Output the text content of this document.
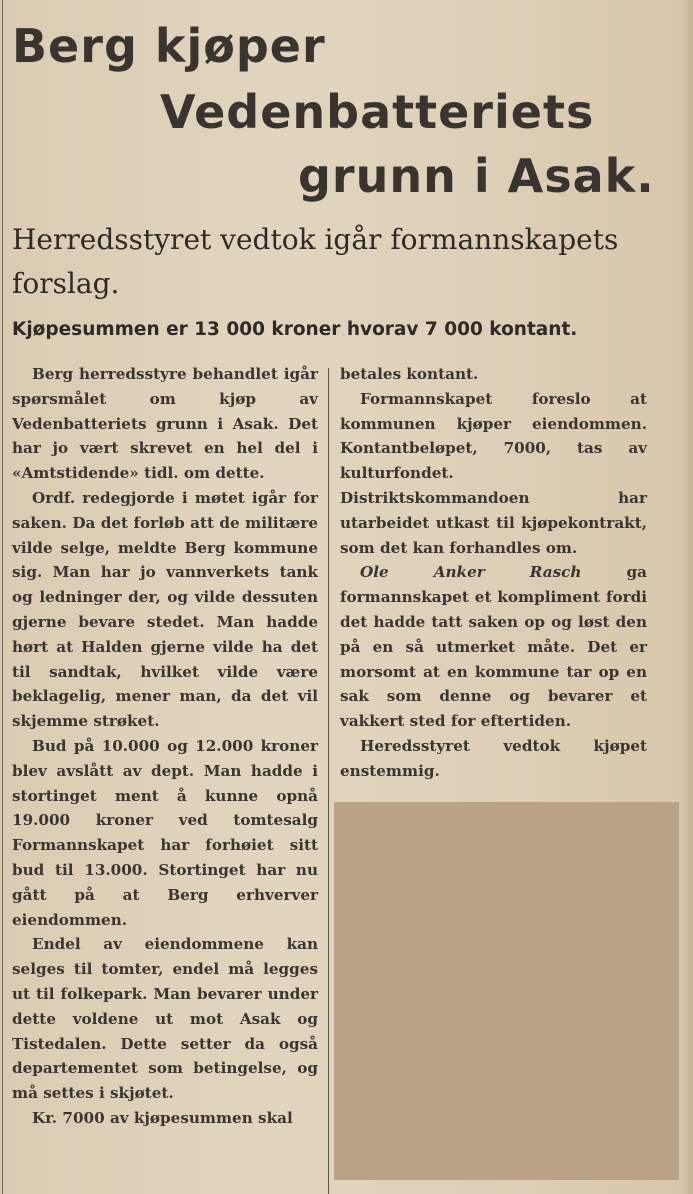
Berg kjøper
Vedenbatteriets
grunn i Asak.
Herredsstyret vedtok igår formannskapets forslag.
Kjøpesummen er 13 000 kroner hvorav 7 000 kontant.

Berg herredsstyre behandlet igår spørsmålet om kjøp av Vedenbatteriets grunn i Asak. Det har jo vært skrevet en hel del i «Amtstidende» tidl. om dette.

Ordf. redegjorde i møtet igår for saken. Da det forløb att de militære vilde selge, meldte Berg kommune sig. Man har jo vannverkets tank og ledninger der, og vilde dessuten gjerne bevare stedet. Man hadde hørt at Halden gjerne vilde ha det til sandtak, hvilket vilde være beklagelig, mener man, da det vil skjemme strøket.

Bud på 10.000 og 12.000 kroner blev avslått av dept. Man hadde i stortinget ment å kunne opnå 19.000 kroner ved tomtesalg Formannskapet har forhøiet sitt bud til 13.000. Stortinget har nu gått på at Berg erhverver eiendommen.

Endel av eiendommene kan selges til tomter, endel må legges ut til folkepark. Man bevarer under dette voldene ut mot Asak og Tistedalen. Dette setter da også departementet som betingelse, og må settes i skjøtet.

Kr. 7000 av kjøpesummen skal

betales kontant.

Formannskapet foreslo at kommunen kjøper eiendommen. Kontantbeløpet, 7000, tas av kulturfondet. Distriktskommandoen har utarbeidet utkast til kjøpekontrakt, som det kan forhandles om.

Ole Anker Rasch ga formannskapet et kompliment fordi det hadde tatt saken op og løst den på en så utmerket måte. Det er morsomt at en kommune tar op en sak som denne og bevarer et vakkert sted for eftertiden.

Heredsstyret vedtok kjøpet enstemmig.
